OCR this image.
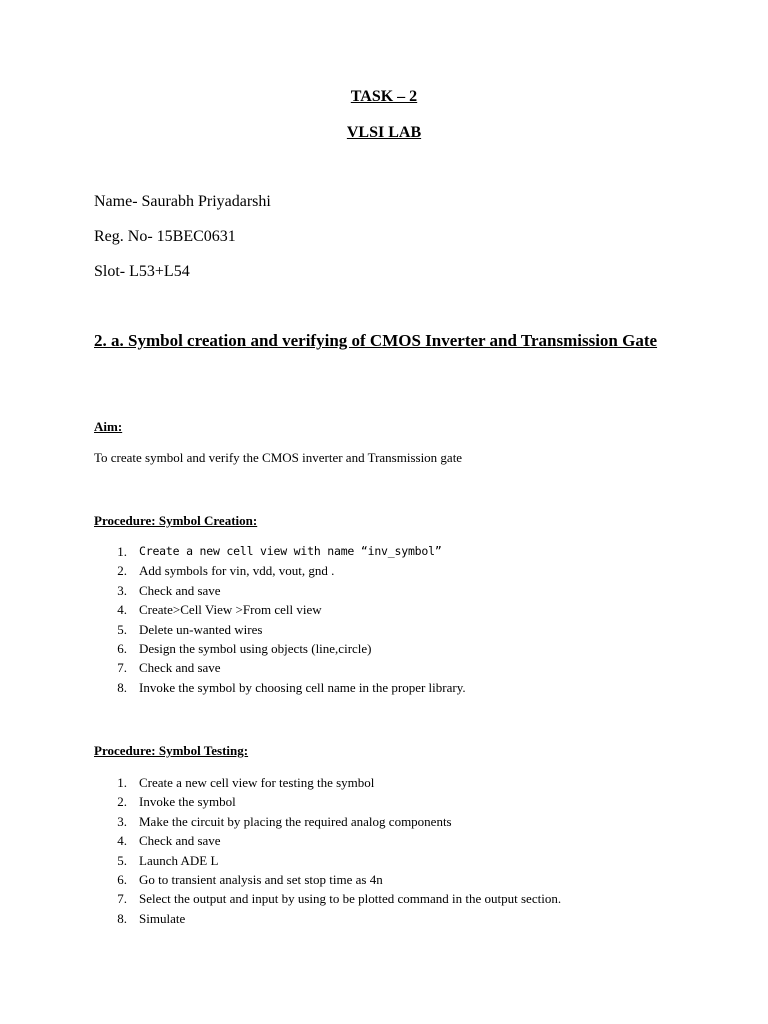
TASK – 2
VLSI LAB
Name- Saurabh Priyadarshi
Reg. No- 15BEC0631
Slot- L53+L54
2. a. Symbol creation and verifying of CMOS Inverter and Transmission Gate
Aim:
To create symbol and verify the CMOS inverter and Transmission gate
Procedure: Symbol Creation:
1. Create a new cell view with name “inv_symbol”
2. Add symbols for vin, vdd, vout, gnd .
3. Check and save
4. Create>Cell View >From cell view
5. Delete un-wanted wires
6. Design the symbol using objects (line,circle)
7. Check and save
8. Invoke the symbol by choosing cell name in the proper library.
Procedure: Symbol Testing:
1. Create a new cell view for testing the symbol
2. Invoke the symbol
3. Make the circuit by placing the required analog components
4. Check and save
5. Launch ADE L
6. Go to transient analysis and set stop time as 4n
7. Select the output and input by using to be plotted command in the output section.
8. Simulate
